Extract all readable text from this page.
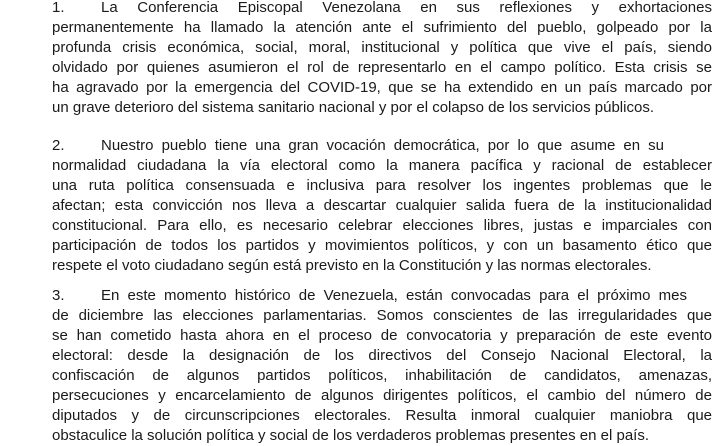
1. La Conferencia Episcopal Venezolana en sus reflexiones y exhortaciones
permanentemente ha llamado la atención ante el sufrimiento del pueblo, golpeado por la
profunda crisis económica, social, moral, institucional y política que vive el país, siendo
olvidado por quienes asumieron el rol de representarlo en el campo político. Esta crisis se
ha agravado por la emergencia del COVID-19, que se ha extendido en un país marcado por
un grave deterioro del sistema sanitario nacional y por el colapso de los servicios públicos.
2. Nuestro pueblo tiene una gran vocación democrática, por lo que asume en su
normalidad ciudadana la vía electoral como la manera pacífica y racional de establecer
una ruta política consensuada e inclusiva para resolver los ingentes problemas que le
afectan; esta convicción nos lleva a descartar cualquier salida fuera de la institucionalidad
constitucional. Para ello, es necesario celebrar elecciones libres, justas e imparciales con
participación de todos los partidos y movimientos políticos, y con un basamento ético que
respete el voto ciudadano según está previsto en la Constitución y las normas electorales.
3. En este momento histórico de Venezuela, están convocadas para el próximo mes
de diciembre las elecciones parlamentarias. Somos conscientes de las irregularidades que
se han cometido hasta ahora en el proceso de convocatoria y preparación de este evento
electoral: desde la designación de los directivos del Consejo Nacional Electoral, la
confiscación de algunos partidos políticos, inhabilitación de candidatos, amenazas,
persecuciones y encarcelamiento de algunos dirigentes políticos, el cambio del número de
diputados y de circunscripciones electorales. Resulta inmoral cualquier maniobra que
obstaculice la solución política y social de los verdaderos problemas presentes en el país.
